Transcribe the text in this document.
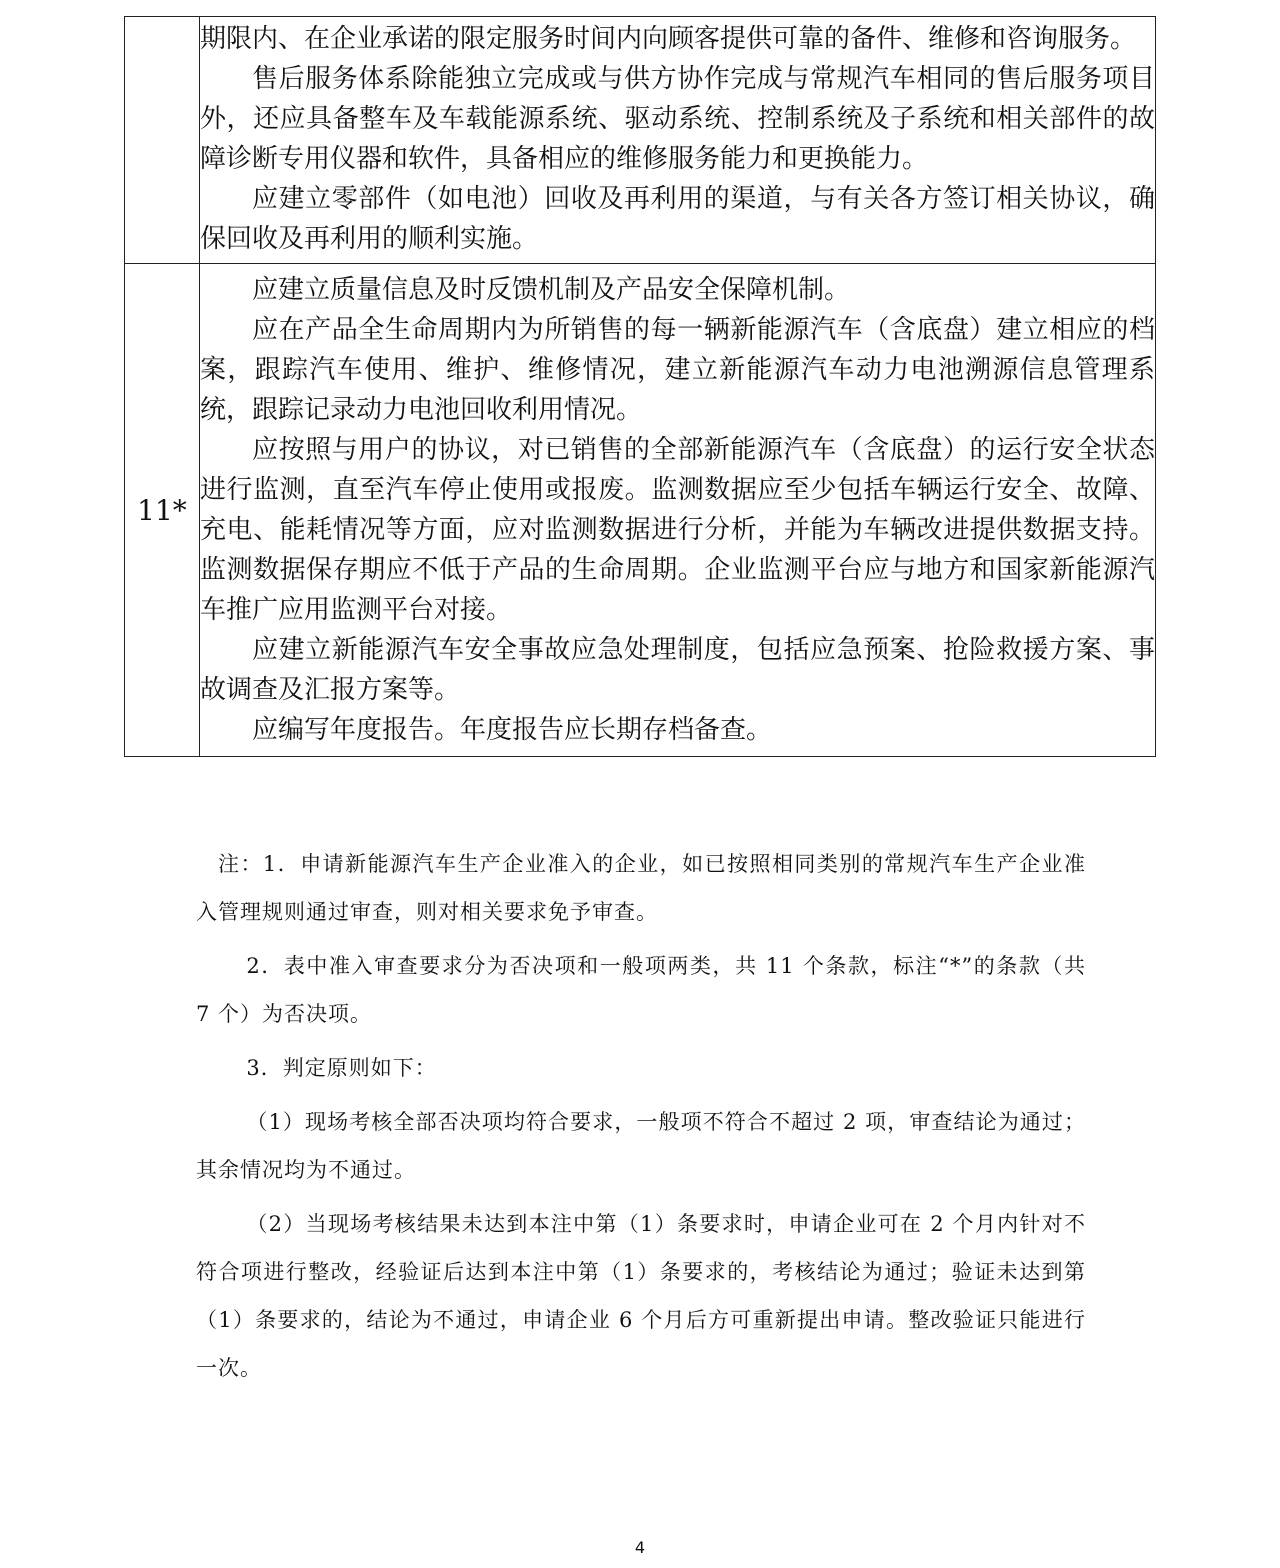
	期限内、在企业承诺的限定服务时间内向顾客提供可靠的备件、维修和咨询服务。

售后服务体系除能独立完成或与供方协作完成与常规汽车相同的售后服务项目外，还应具备整车及车载能源系统、驱动系统、控制系统及子系统和相关部件的故障诊断专用仪器和软件，具备相应的维修服务能力和更换能力。

应建立零部件（如电池）回收及再利用的渠道，与有关各方签订相关协议，确保回收及再利用的顺利实施。

11*	应建立质量信息及时反馈机制及产品安全保障机制。

应在产品全生命周期内为所销售的每一辆新能源汽车（含底盘）建立相应的档案，跟踪汽车使用、维护、维修情况，建立新能源汽车动力电池溯源信息管理系统，跟踪记录动力电池回收利用情况。

应按照与用户的协议，对已销售的全部新能源汽车（含底盘）的运行安全状态进行监测，直至汽车停止使用或报废。监测数据应至少包括车辆运行安全、故障、充电、能耗情况等方面，应对监测数据进行分析，并能为车辆改进提供数据支持。监测数据保存期应不低于产品的生命周期。企业监测平台应与地方和国家新能源汽车推广应用监测平台对接。

应建立新能源汽车安全事故应急处理制度，包括应急预案、抢险救援方案、事故调查及汇报方案等。

应编写年度报告。年度报告应长期存档备查。

注：1．申请新能源汽车生产企业准入的企业，如已按照相同类别的常规汽车生产企业准入管理规则通过审查，则对相关要求免予审查。

2．表中准入审查要求分为否决项和一般项两类，共 11 个条款，标注“*”的条款（共 7 个）为否决项。

3．判定原则如下：

（1）现场考核全部否决项均符合要求，一般项不符合不超过 2 项，审查结论为通过；其余情况均为不通过。

（2）当现场考核结果未达到本注中第（1）条要求时，申请企业可在 2 个月内针对不符合项进行整改，经验证后达到本注中第（1）条要求的，考核结论为通过；验证未达到第（1）条要求的，结论为不通过，申请企业 6 个月后方可重新提出申请。整改验证只能进行一次。

4
